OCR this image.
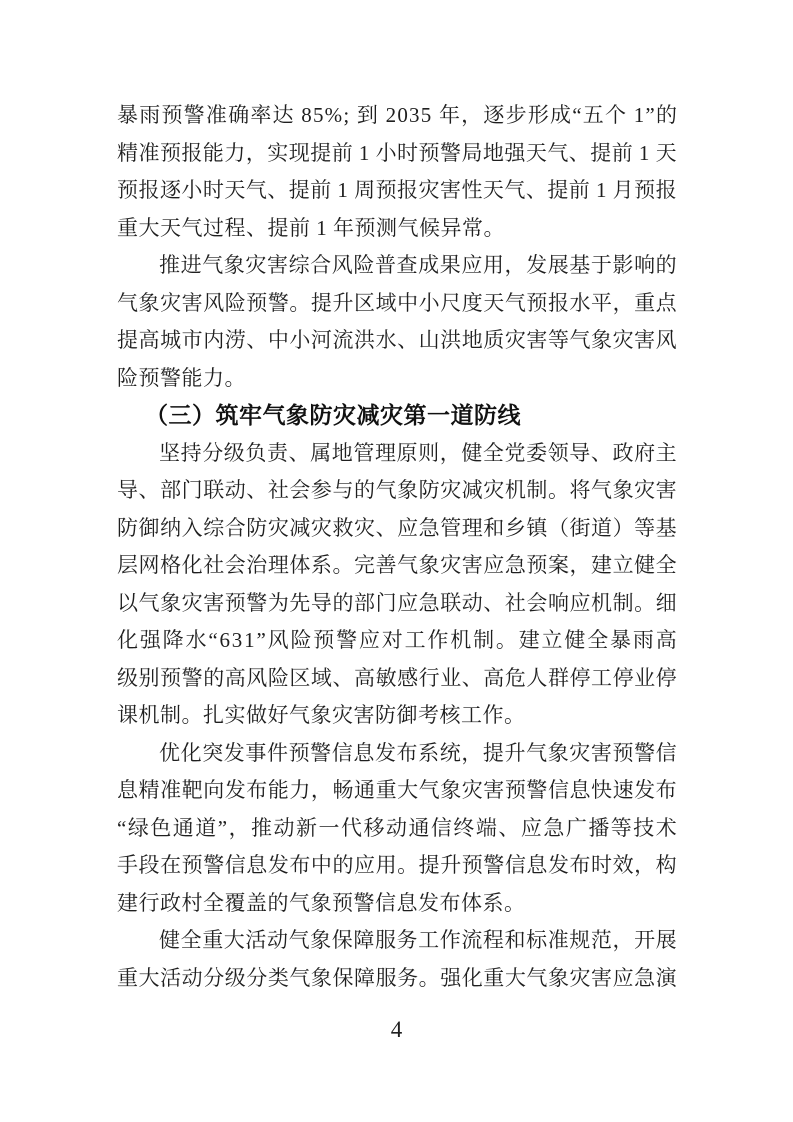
暴 雨 预 警 准 确 率 达
8 5 % ;
到
2 0 3 5
年 ， 逐 步 形 成 “ 五 个
1 ” 的
精 准 预 报 能 力 ， 实 现 提 前
1
小 时 预 警 局 地 强 天 气 、 提 前
1
天
预 报 逐 小 时 天 气 、 提 前
1
周 预 报 灾 害 性 天 气 、 提 前
1
月 预 报
重大天气过程、提前 1 年预测气候异常。
推 进 气 象 灾 害 综 合 风 险 普 查 成 果 应 用 ， 发 展 基 于 影 响 的
气 象 灾 害 风 险 预 警 。 提 升 区 域 中 小 尺 度 天 气 预 报 水 平 ， 重 点
提 高 城 市 内 涝 、 中 小 河 流 洪 水 、 山 洪 地 质 灾 害 等 气 象 灾 害 风
险预警能力。
（三）筑牢气象防灾减灾第一道防线
坚 持 分 级 负 责 、 属 地 管 理 原 则 ， 健 全 党 委 领 导 、 政 府 主
导 、 部 门 联 动 、 社 会 参 与 的 气 象 防 灾 减 灾 机 制 。 将 气 象 灾 害
防 御 纳 入 综 合 防 灾 减 灾 救 灾 、 应 急 管 理 和 乡 镇 （ 街 道 ） 等 基
层 网 格 化 社 会 治 理 体 系 。 完 善 气 象 灾 害 应 急 预 案 ， 建 立 健 全
以 气 象 灾 害 预 警 为 先 导 的 部 门 应 急 联 动 、 社 会 响 应 机 制 。 细
化 强 降 水 “ 6 3 1 ” 风 险 预 警 应 对 工 作 机 制 。 建 立 健 全 暴 雨 高
级 别 预 警 的 高 风 险 区 域 、 高 敏 感 行 业 、 高 危 人 群 停 工 停 业 停
课机制。扎实做好气象灾害防御考核工作。
优 化 突 发 事 件 预 警 信 息 发 布 系 统 ， 提 升 气 象 灾 害 预 警 信
息 精 准 靶 向 发 布 能 力 ， 畅 通 重 大 气 象 灾 害 预 警 信 息 快 速 发 布
“ 绿 色 通 道 ” ， 推 动 新 一 代 移 动 通 信 终 端 、 应 急 广 播 等 技 术
手 段 在 预 警 信 息 发 布 中 的 应 用 。 提 升 预 警 信 息 发 布 时 效 ， 构
建行政村全覆盖的气象预警信息发布体系。
健 全 重 大 活 动 气 象 保 障 服 务 工 作 流 程 和 标 准 规 范 ， 开 展
重 大 活 动 分 级 分 类 气 象 保 障 服 务 。 强 化 重 大 气 象 灾 害 应 急 演
4
